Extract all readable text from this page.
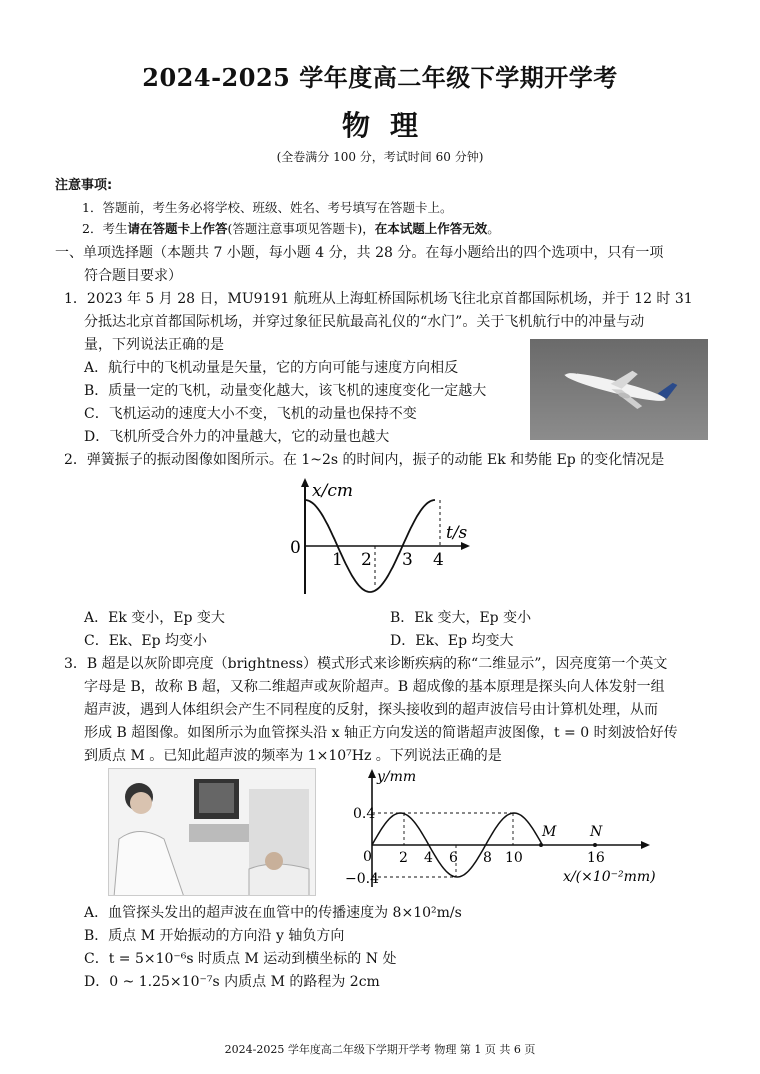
2024-2025 学年度高二年级下学期开学考
物理
(全卷满分 100 分，考试时间 60 分钟)
注意事项:
1．答题前，考生务必将学校、班级、姓名、考号填写在答题卡上。
2．考生请在答题卡上作答(答题注意事项见答题卡)，在本试题上作答无效。
一、单项选择题（本题共 7 小题，每小题 4 分，共 28 分。在每小题给出的四个选项中，只有一项
符合题目要求）
1．2023 年 5 月 28 日，MU9191 航班从上海虹桥国际机场飞往北京首都国际机场，并于 12 时 31
分抵达北京首都国际机场，并穿过象征民航最高礼仪的“水门”。关于飞机航行中的冲量与动
量，下列说法正确的是
A．航行中的飞机动量是矢量，它的方向可能与速度方向相反
B．质量一定的飞机，动量变化越大，该飞机的速度变化一定越大
C．飞机运动的速度大小不变，飞机的动量也保持不变
D．飞机所受合外力的冲量越大，它的动量也越大
2．弹簧振子的振动图像如图所示。在 1~2s 的时间内，振子的动能 Ek 和势能 Ep 的变化情况是
x/cm
t/s
0
1 2 3 4
A．Ek 变小，Ep 变大	B．Ek 变大，Ep 变小
C．Ek、Ep 均变小	D．Ek、Ep 均变大
3．B 超是以灰阶即亮度（brightness）模式形式来诊断疾病的称“二维显示”，因亮度第一个英文
字母是 B，故称 B 超，又称二维超声或灰阶超声。B 超成像的基本原理是探头向人体发射一组
超声波，遇到人体组织会产生不同程度的反射，探头接收到的超声波信号由计算机处理，从而
形成 B 超图像。如图所示为血管探头沿 x 轴正方向发送的简谐超声波图像，t = 0 时刻波恰好传
到质点 M 。已知此超声波的频率为 1×10⁷Hz 。下列说法正确的是
y/mm
0.4
−0.4
0 2 4 6 8 10	16
M N
x/(×10⁻²mm)
A．血管探头发出的超声波在血管中的传播速度为 8×10²m/s
B．质点 M 开始振动的方向沿 y 轴负方向
C．t = 5×10⁻⁶s 时质点 M 运动到横坐标的 N 处
D．0 ~ 1.25×10⁻⁷s 内质点 M 的路程为 2cm
2024-2025 学年度高二年级下学期开学考 物理 第 1 页 共 6 页
